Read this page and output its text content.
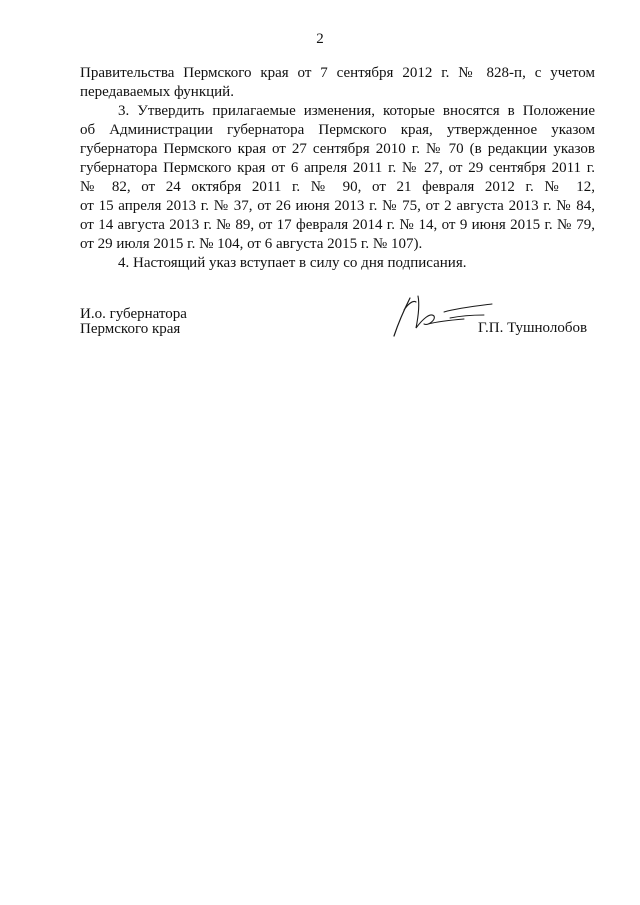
2
Правительства Пермского края от 7 сентября 2012 г. № 828-п, с учетом
передаваемых функций.
3. Утвердить прилагаемые изменения, которые вносятся в Положение
об Администрации губернатора Пермского края, утвержденное указом
губернатора Пермского края от 27 сентября 2010 г. № 70 (в редакции указов
губернатора Пермского края от 6 апреля 2011 г. № 27, от 29 сентября 2011 г.
№ 82, от 24 октября 2011 г. № 90, от 21 февраля 2012 г. № 12,
от 15 апреля 2013 г. № 37, от 26 июня 2013 г. № 75, от 2 августа 2013 г. № 84,
от 14 августа 2013 г. № 89, от 17 февраля 2014 г. № 14, от 9 июня 2015 г. № 79,
от 29 июля 2015 г. № 104, от 6 августа 2015 г. № 107).
4. Настоящий указ вступает в силу со дня подписания.
И.о. губернатора
Пермского края	Г.П. Тушнолобов
